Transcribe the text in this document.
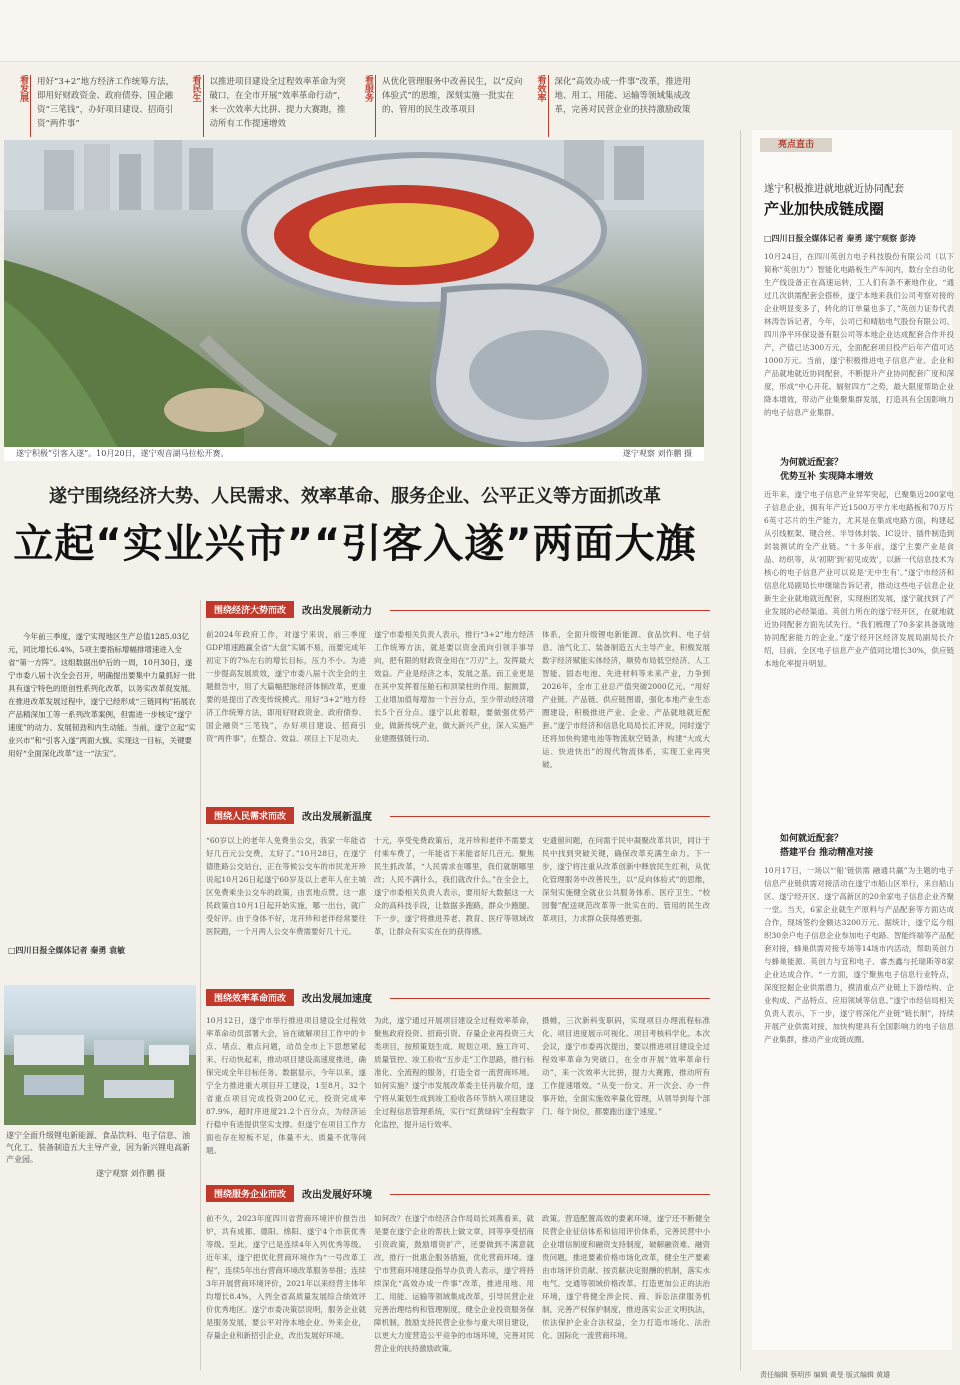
看发展	用好“3+2”地方经济工作统筹方法，即用好财政资金、政府债券、国企融资“三笔钱”，办好项目建设、招商引资“两件事”
看民生	以推进项目建设全过程效率革命为突破口，在全市开展“效率革命行动”，来一次效率大比拼、提力大赛跑，推动所有工作提速增效
看服务	从优化管理服务中改善民生，以“反向体验式”的思维，深刻实施一批实在的、管用的民生改革项目
看效率	深化“高效办成一件事”改革，推进用地、用工、用能、运输等领域集成改革，完善对民营企业的扶持激励政策
遂宁积极“引客入遂”。10月20日，遂宁观音湖马拉松开赛。	遂宁观察 刘作鹏 摄
遂宁围绕经济大势、人民需求、效率革命、服务企业、公平正义等方面抓改革
立起“实业兴市”“引客入遂”两面大旗
今年前三季度，遂宁实现地区生产总值1285.03亿元，同比增长6.4%，5项主要指标增幅排增速进入全省“第一方阵”。这组数据出炉后的一周，10月30日，遂宁市委八届十次全会召开，明确提出要集中力量抓好一批具有遂宁特色的原创性系列化改革，以务实改革促发展。在推进改革发展过程中，遂宁已经形成“三链同构”拓展农产品精深加工等一系列改革案例，但需进一步核定“遂宁速度”的动力、发展韧劲和内生动能。当前，遂宁立起“实业兴市”和“引客入遂”两面大旗。实现这一目标，关键要用好“全面深化改革”这一“法宝”。
□四川日报全媒体记者 秦勇 袁敏
遂宁全面升级锂电新能源、食品饮料、电子信息、油气化工、装备制造五大主导产业，因为新兴锂电高新产业园。
遂宁观察 刘作鹏 摄
围绕经济大势而改	改出发展新动力
前2024年政府工作，对遂宁来说，前三季度GDP增速跑赢全省“大盘”实属不易，而要完成年初定下的7%左右的增长目标，压力不小。为进一步提高发展质效，遂宁市委八届十次全会的主题报告中，用了大篇幅把脉经济体制改革，更重要的是提出了改变传统模式。用好“3+2”地方经济工作统筹方法，即用好财政资金、政府债券、国企融资“三笔钱”，办好项目建设、招商引资“两件事”，在整合、效益、项目上下足功夫。
遂宁市委相关负责人表示，推行“3+2”地方经济工作统筹方法，就是要以资金流向引领手事导向，把有限的财政资金用在“刀刃”上，发挥最大效益。产业是经济之本，发展之基。而工业更是在其中发挥着压舱石和顶梁柱的作用。据测算，工业增加值每增加一个百分点，至少带动经济增长5个百分点。遂宁以此着眼，要做强优势产业，做新传统产业，做大新兴产业，深入实施产业建圈强链行动。
体系，全面升级锂电新能源、食品饮料、电子信息、油气化工、装备制造五大主导产业，积极发展数字经济赋能实体经济，顺势布局低空经济、人工智能、固态电池、先进材料等未来产业，力争到2026年，全市工业总产值突破2000亿元。“用好产业链、产品链、供应链图谱，强化本地产业生态圈建设，积极推进产业、企业、产品就地就近配套。”遂宁市经济和信息化局局长汇评说，同时遂宁还将加快构建电池等物流航空链条，构建“大成大运、快进快出”的现代物流体系，实现工业再突破。
围绕人民需求而改	改出发展新温度
“60岁以上的老年人免费坐公交，我家一年能省好几百元公交费，太好了。”10月28日，在遂宁德胜路公交站台，正在等候公交车的市民龙开珍说起10月26日起遂宁60岁及以上老年人在主城区免费乘坐公交车的政策，由衷地点赞。这一惠民政策自10月1日起开始实施，哪一出台，就广受好评。由于身体不好，龙开珍和老伴经常要往医院跑，一个月两人公交车费需要好几十元。
十元，享受免费政策后，龙开珍和老伴不需要支付乘车费了，一年能省下来能省好几百元。聚焦民生抓改革，“人民需求在哪里，我们就朝哪里改；人民不满什么，我们就改什么。”在全会上，遂宁市委相关负责人表示，要用好大数据这一大众的高科技手段，让数据多跑路，群众少跑腿。下一步，遂宁将推进养老、教育、医疗等领域改革，让群众有实实在在的获得感。
史遗留问题，在问需于民中凝聚改革共识，同计于民中找到突破关键，确保改革充满生命力。下一步，遂宁将注重从改革创新中释放民生红利，从优化管理服务中改善民生，以“反向体验式”的思维，深刻实施健全就业公共服务体系、医疗卫生、“校园餐”配送规范改革等一批实在的、管用的民生改革项目，力求群众获得感更强。
围绕效率革命而改	改出发展加速度
10月12日，遂宁市举行推进项目建设全过程效率革命动员部署大会，旨在破解项目工作中的卡点、堵点、难点问题，动员全市上下思想紧起来、行动快起来，推动项目建设高速度推进，确保完成全年目标任务。数据显示，今年以来，遂宁全力推进重大项目开工建设，1至8月，32个省重点项目完成投资200亿元，投资完成率87.9%，超时序进度21.2个百分点，为经济运行稳中有进提供坚实支撑。但遂宁在项目工作方面也存在短板不足，体量不大、质量不优等问题。
为此，遂宁通过开展项目建设全过程效率革命，聚焦政府投资、招商引资、存量企业再投资三大类项目，按照策划生成、规划立项、施工许可、质量管控、竣工验收“五步走”工作思路，推行标准化、全流程的服务，打造全省一流营商环境。如何实施？遂宁市发展改革委主任肖敏介绍，遂宁将从策划生成到竣工验收各环节纳入项目建设全过程信息管理系统，实行“红黄绿码”全程数字化监控，提升运行效率。
摄帷，三次新科变职码，实现项目办理流程标准化、项目进度展示可视化、项目考核科学化。本次会议，遂宁市委再次提出，要以推进项目建设全过程效率革命为突破口，在全市开展“效率革命行动”，来一次效率大比拼，提力大赛跑，推动所有工作提速增效。“从变一份文、开一次会、办一件事开始，全面实施效率量化管理，从领导到每个部门、每个岗位，都要跑出遂宁速度。”
围绕服务企业而改	改出发展好环境
前不久，2023年度四川省营商环境评价报告出炉，共有成都、德阳、绵阳、遂宁4个市获优秀等级。至此，遂宁已是连续4年入列优秀等级。近年来，遂宁把优化营商环境作为“一号改革工程”，连续5年出台营商环境改革服务举措；连续3年开展营商环境评价，2021年以来经营主体年均增长8.4%，入列全省高质量发展综合绩效评价优秀地区。遂宁市委决策层说明，服务企业就是服务发展，要公平对待本地企业、外来企业，存量企业和新招引企业，改出发展好环境。
如何改？在遂宁市经济合作局局长刘燕看来，就是要在遂宁企业的帮扶上做文章，同等享受招商引资政策，鼓励增资扩产，还要做到不满意就改，推行一批惠企服务措施，优化营商环境。遂宁市营商环境建设指导办负责人表示，遂宁将持续深化“高效办成一件事”改革，推进用地、用工、用能、运输等领域集成改革，引导民营企业完善治理结构和管理制度，健全企业投资服务保障机制，鼓励支持民营企业参与重大项目建设，以更大力度营造公平竞争的市场环境，完善对民营企业的扶持激励政策。
政策。营造配置高效的要素环境，遂宁还不断健全民营企业征信体系和信用评价体系，完善民营中小企业增信制度和融资支持制度，破解融资难、融资贵问题，推进要素价格市场化改革，健全生产要素由市场评价贡献、按贡献决定报酬的机制，落实水电气、交通等领域价格改革。打造更加公正的法治环境，遂宁将健全涉企民、商、诉讼法律服务机制，完善产权保护制度，推进落实公正文明执法，依法保护企业合法权益，全力打造市场化、法治化、国际化一流营商环境。
亮点直击
遂宁积极推进就地就近协同配套
产业加快成链成圈
□四川日报全媒体记者 秦勇 遂宁观察 彭涛
10月24日，在四川英创力电子科技股份有限公司（以下简称“英创力”）智能化电路板生产车间内，数台全自动化生产线设备正在高速运转，工人们有条不紊地作业。“通过几次供需配套会搭桥，遂宁本地来我们公司考察对接的企业明显变多了，转化的订单量也多了，”英创力证券代表林涛告诉记者，今年，公司已和晴舫电气股份有限公司、四川净平环保设备有限公司等本地企业达成配套合作并投产，产值已达300万元，全面配套项目投产后年产值可达1000万元。当前，遂宁积极推进电子信息产业、企业和产品就地就近协同配套，不断提升产业协同配套广度和深度，形成“中心开花、辐射四方”之势，最大限度帮助企业降本增效，带动产业集聚集群发展，打造具有全国影响力的电子信息产业集群。
为何就近配套？
优势互补 实现降本增效
近年来，遂宁电子信息产业异军突起，已聚集近200家电子信息企业，拥有年产近1500万平方米电路板和70万片6英寸芯片的生产能力，尤其是在集成电路方面，构建起从引线框架、键合丝、半导体封装、IC设计、插件制造到封装测试的全产业链。“十多年前，遂宁主要产业是食品、纺织等，从‘初期’到‘初见成效’，以新一代信息技术为核心的电子信息产业可以说是‘无中生有’。”遂宁市经济和信息化局副局长申继瑞告诉记者，推动这些电子信息企业新生企业就地就近配套，实现抱团发展，遂宁就找到了产业发展的必经渠道。英创力所在的遂宁经开区，在就地就近协同配套方面先试先行。“我们梳理了70多家具备就地协同配套能力的企业。”遂宁经开区经济发展局副局长介绍，目前，全区电子信息产业产值同比增长30%，供应链本地化率提升明显。
如何就近配套？
搭建平台 推动精准对接
10月17日，一场以“‘船’链供需 融通共赢”为主题的电子信息产业链供需对接活动在遂宁市船山区举行，来自船山区、遂宁经开区、遂宁高新区的20余家电子信息企业齐聚一堂。当天，6家企业就生产原料与产品配套等方面达成合作，现场签约金额达3200万元。据统计，遂宁迄今组织30余户电子信息企业参加电子电路、智能终端等产品配套对接，蜂巢供需对接专场等14场市内活动，帮助英创力与蜂巢能源、英创力与宜和电子、睿杰鑫与托瑞斯等8家企业达成合作。“一方面，遂宁聚焦电子信息行业特点，深度挖掘企业供需潜力，摸清重点产业链上下游结构、企业构成、产品特点、应用领域等信息。”遂宁市经信局相关负责人表示，下一步，遂宁将深化产业链“链长制”，持续开展产业供需对接，加快构建具有全国影响力的电子信息产业集群，推动产业成链成圈。
责任编辑 蔡明莎 编辑 黄旻 版式编辑 黄雄
